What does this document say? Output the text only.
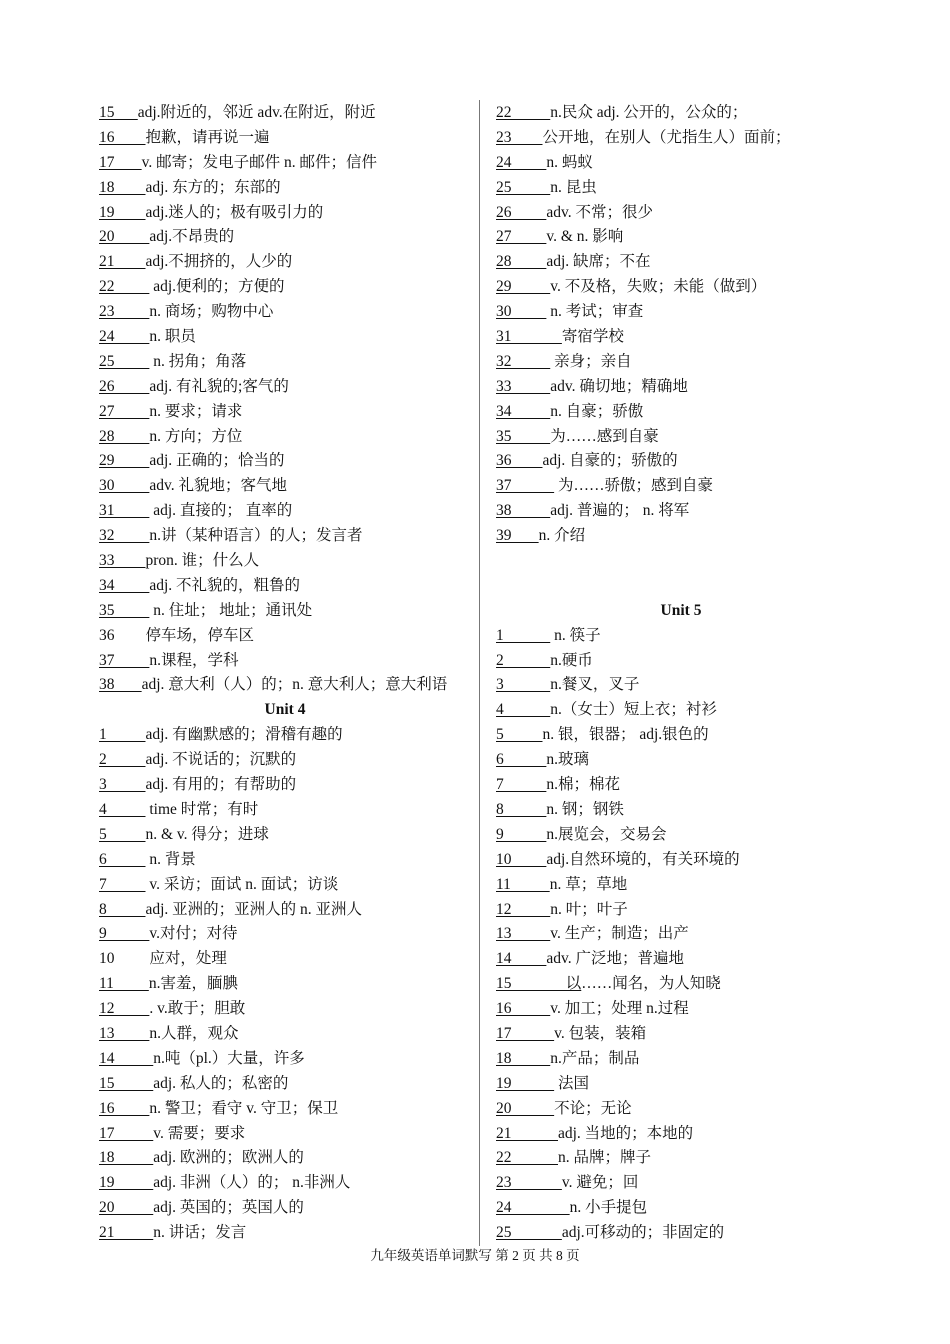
15      adj.附近的，邻近 adv.在附近，附近
16        抱歉，请再说一遍
17       v. 邮寄；发电子邮件 n. 邮件；信件
18        adj. 东方的；东部的
19        adj.迷人的；极有吸引力的
20         adj.不昂贵的
21        adj.不拥挤的，人少的
22          adj.便利的；方便的
23         n. 商场；购物中心
24         n. 职员
25          n. 拐角；角落
26         adj. 有礼貌的;客气的
27         n. 要求；请求
28         n. 方向；方位
29         adj. 正确的；恰当的
30         adv. 礼貌地；客气地
31          adj. 直接的； 直率的
32         n.讲（某种语言）的人；发言者
33        pron. 谁；什么人
34         adj. 不礼貌的，粗鲁的
35          n. 住址； 地址；通讯处
36        停车场，停车区
37         n.课程，学科
38       adj. 意大利（人）的；n. 意大利人；意大利语
Unit 4
1          adj. 有幽默感的；滑稽有趣的
2          adj. 不说话的；沉默的
3          adj. 有用的；有帮助的
4           time 时常；有时
5          n. & v. 得分；进球
6           n. 背景
7           v. 采访；面试 n. 面试；访谈
8          adj. 亚洲的；亚洲人的 n. 亚洲人
9           v.对付；对待
10         应对，处理
11         n.害羞，腼腆
12         . v.敢于；胆敢
13         n.人群，观众
14          n.吨（pl.）大量，许多
15          adj. 私人的；私密的
16         n. 警卫；看守 v. 守卫；保卫
17          v. 需要；要求
18          adj. 欧洲的；欧洲人的
19          adj. 非洲（人）的； n.非洲人
20          adj. 英国的；英国人的
21          n. 讲话；发言
22          n.民众 adj. 公开的，公众的；
23        公开地，在别人（尤指生人）面前；
24         n. 蚂蚁
25          n. 昆虫
26         adv. 不常；很少
27         v. & n. 影响
28         adj. 缺席；不在
29          v. 不及格，失败；未能（做到）
30          n. 考试；审查
31             寄宿学校
32           亲身；亲自
33          adv. 确切地；精确地
34          n. 自豪；骄傲
35          为……感到自豪
36        adj. 自豪的；骄傲的
37            为……骄傲；感到自豪
38          adj. 普遍的； n. 将军
39       n. 介绍
Unit 5
1             n. 筷子
2            n.硬币
3            n.餐叉，叉子
4            n.（女士）短上衣；衬衫
5          n. 银，银器； adj.银色的
6           n.玻璃
7           n.棉；棉花
8           n. 钢；钢铁
9           n.展览会，交易会
10         adj.自然环境的，有关环境的
11          n. 草；草地
12          n. 叶；叶子
13          v. 生产；制造；出产
14         adv. 广泛地；普遍地
15              以……闻名，为人知晓
16          v. 加工；处理 n.过程
17           v. 包装，装箱
18          n.产品；制品
19            法国
20           不论；无论
21            adj. 当地的；本地的
22            n. 品牌；牌子
23             v. 避免；回
24               n. 小手提包
25             adj.可移动的；非固定的
九年级英语单词默写 第 2 页 共 8 页
